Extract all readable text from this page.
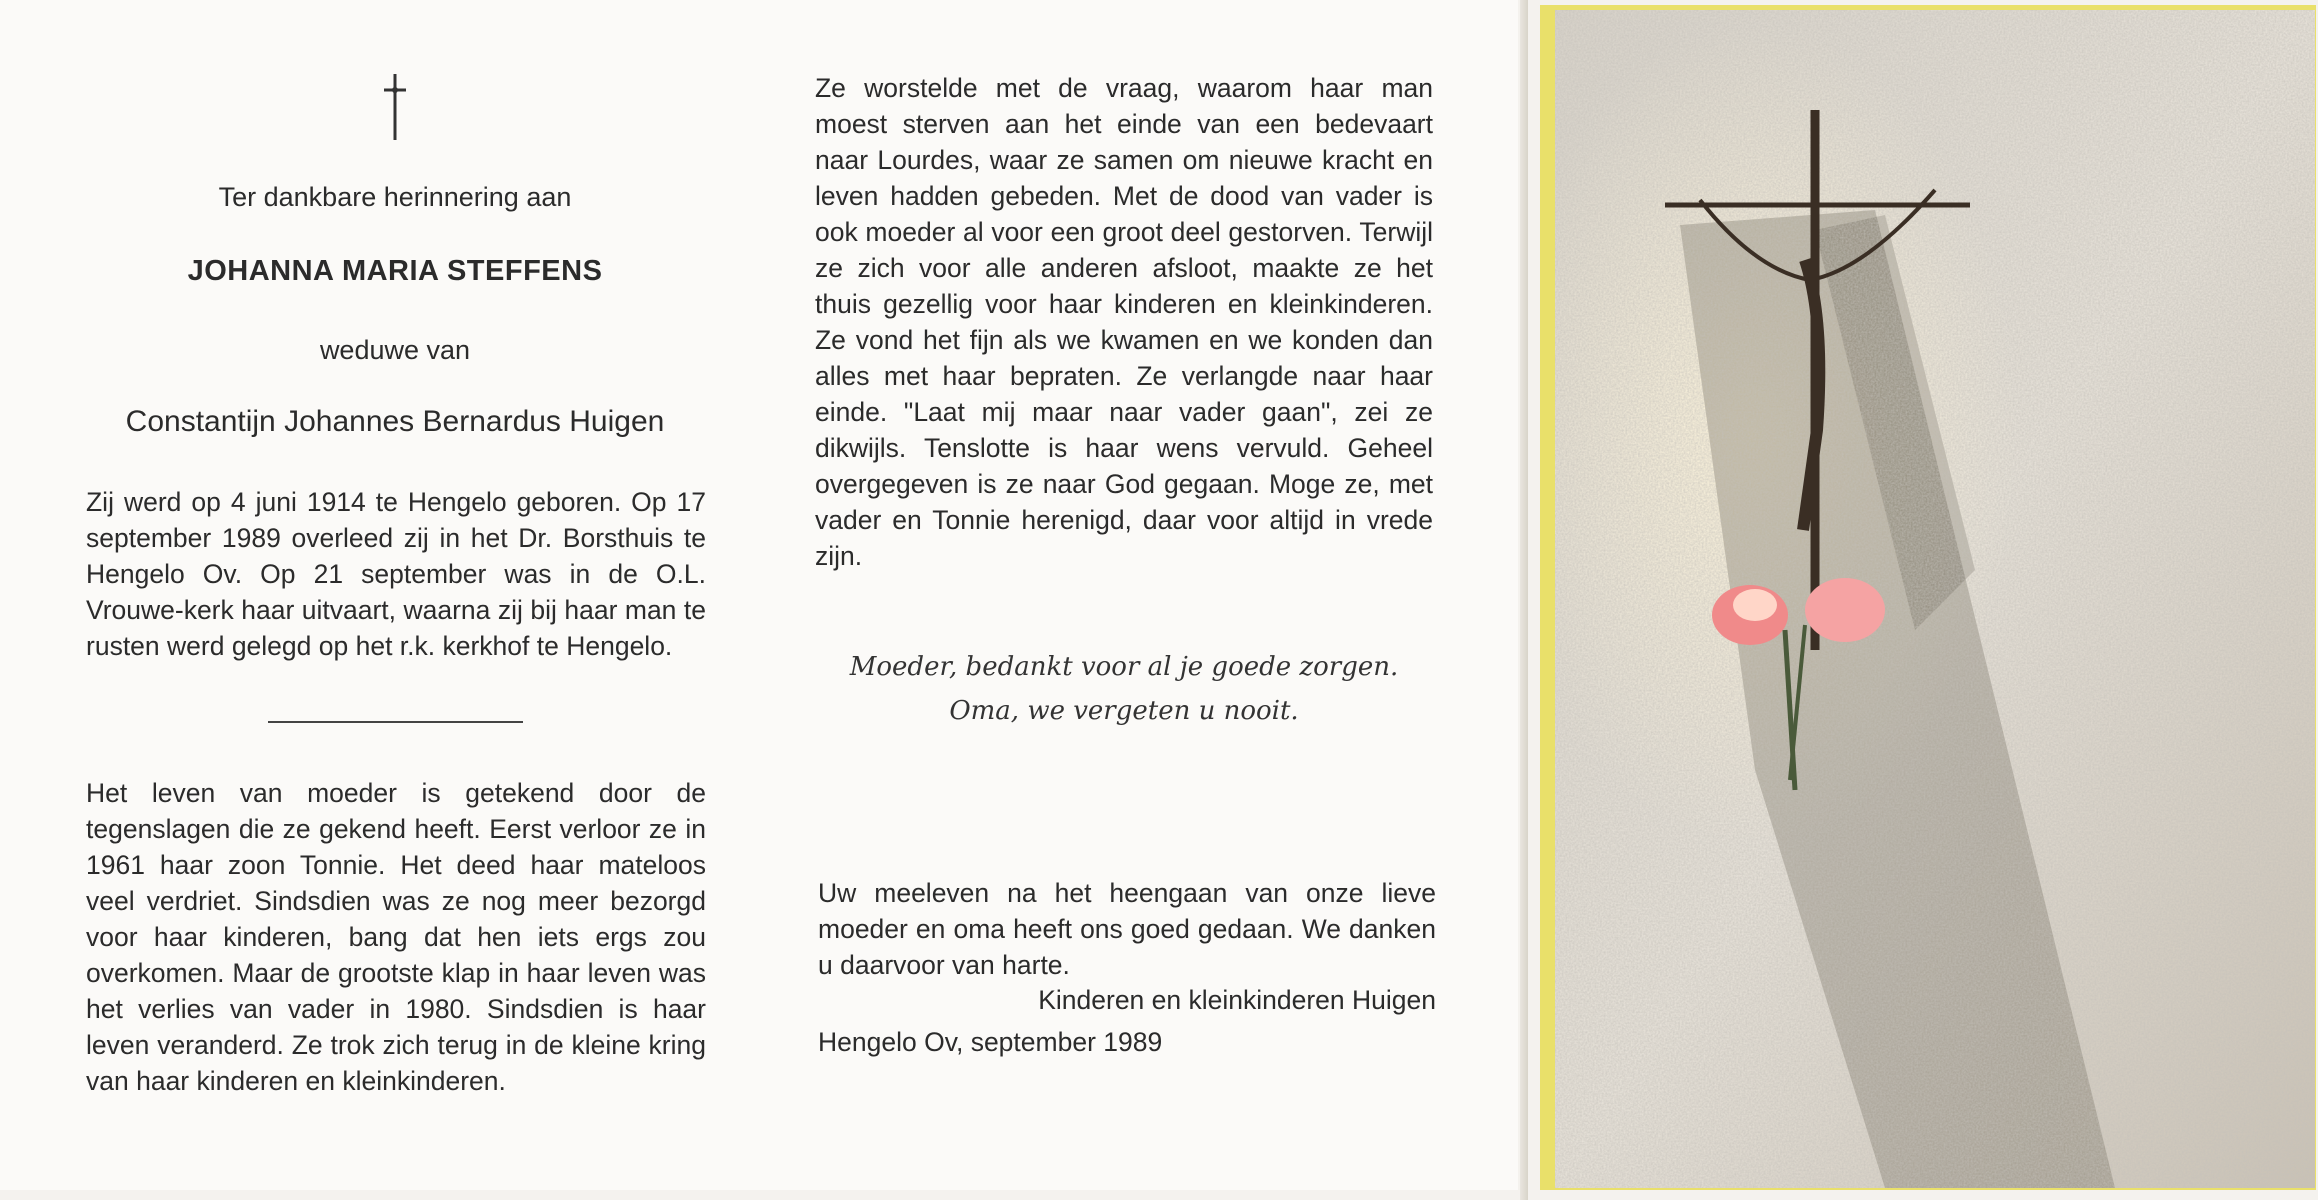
Ter dankbare herinnering aan
JOHANNA MARIA STEFFENS
weduwe van
Constantijn Johannes Bernardus Huigen
Zij werd op 4 juni 1914 te Hengelo geboren. Op 17 september 1989 overleed zij in het Dr. Borsthuis te Hengelo Ov. Op 21 september was in de O.L. Vrouwe-kerk haar uitvaart, waarna zij bij haar man te rusten werd gelegd op het r.k. kerkhof te Hengelo.
Het leven van moeder is getekend door de tegenslagen die ze gekend heeft. Eerst verloor ze in 1961 haar zoon Tonnie. Het deed haar mateloos veel verdriet. Sindsdien was ze nog meer bezorgd voor haar kinderen, bang dat hen iets ergs zou overkomen. Maar de grootste klap in haar leven was het verlies van vader in 1980. Sindsdien is haar leven veranderd. Ze trok zich terug in de kleine kring van haar kinderen en kleinkinderen.
Ze worstelde met de vraag, waarom haar man moest sterven aan het einde van een bedevaart naar Lourdes, waar ze samen om nieuwe kracht en leven hadden gebeden. Met de dood van vader is ook moeder al voor een groot deel gestorven. Terwijl ze zich voor alle anderen afsloot, maakte ze het thuis gezellig voor haar kinderen en kleinkinderen. Ze vond het fijn als we kwamen en we konden dan alles met haar bepraten. Ze verlangde naar haar einde. "Laat mij maar naar vader gaan", zei ze dikwijls. Tenslotte is haar wens vervuld. Geheel overgegeven is ze naar God gegaan. Moge ze, met vader en Tonnie herenigd, daar voor altijd in vrede zijn.
Moeder, bedankt voor al je goede zorgen.
Oma, we vergeten u nooit.
Uw meeleven na het heengaan van onze lieve moeder en oma heeft ons goed gedaan. We danken u daarvoor van harte.
Kinderen en kleinkinderen Huigen
Hengelo Ov, september 1989
